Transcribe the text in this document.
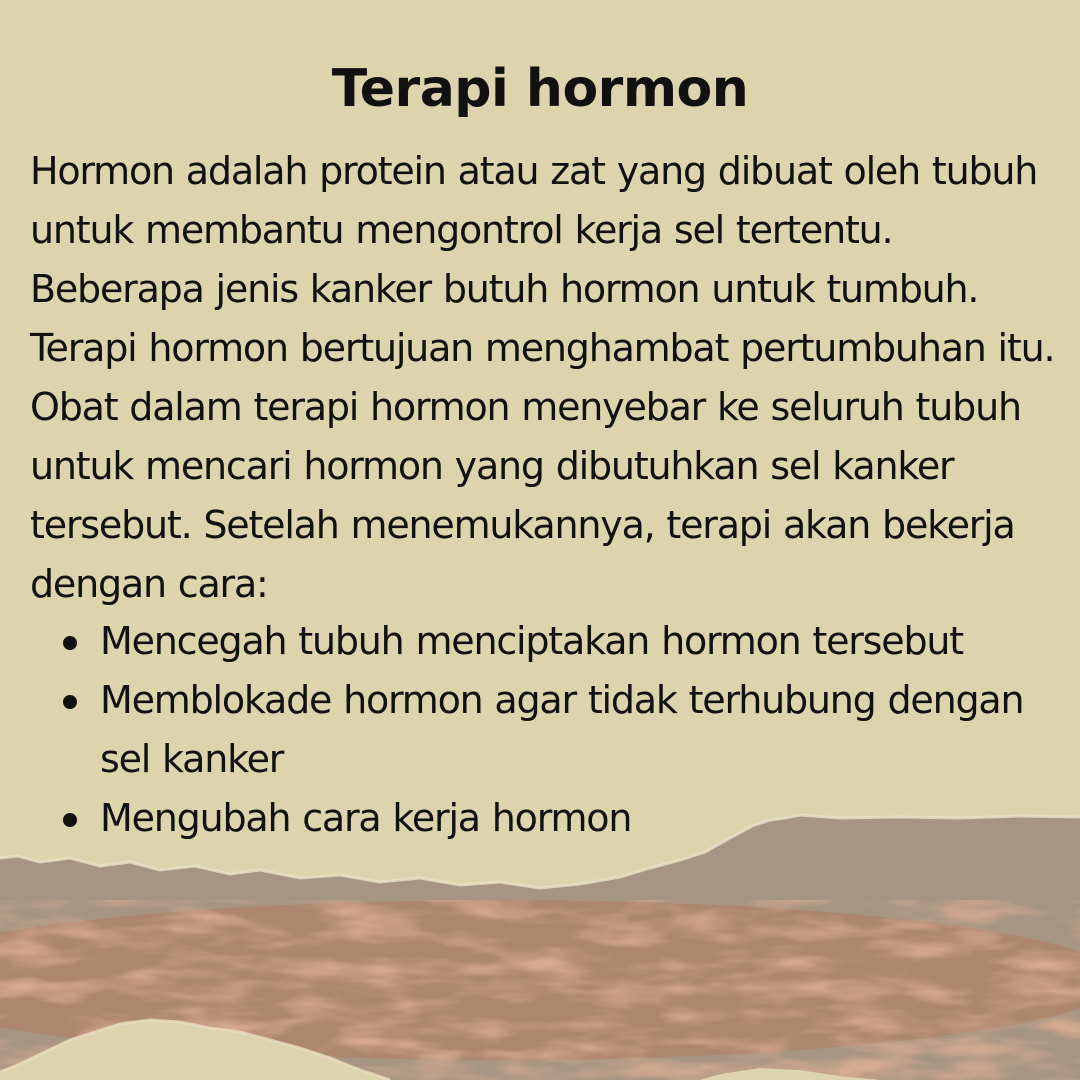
Terapi hormon

Hormon adalah protein atau zat yang dibuat oleh tubuh untuk membantu mengontrol kerja sel tertentu. Beberapa jenis kanker butuh hormon untuk tumbuh. Terapi hormon bertujuan menghambat pertumbuhan itu. Obat dalam terapi hormon menyebar ke seluruh tubuh untuk mencari hormon yang dibutuhkan sel kanker tersebut. Setelah menemukannya, terapi akan bekerja dengan cara:

Mencegah tubuh menciptakan hormon tersebut
Memblokade hormon agar tidak terhubung dengan sel kanker
Mengubah cara kerja hormon
